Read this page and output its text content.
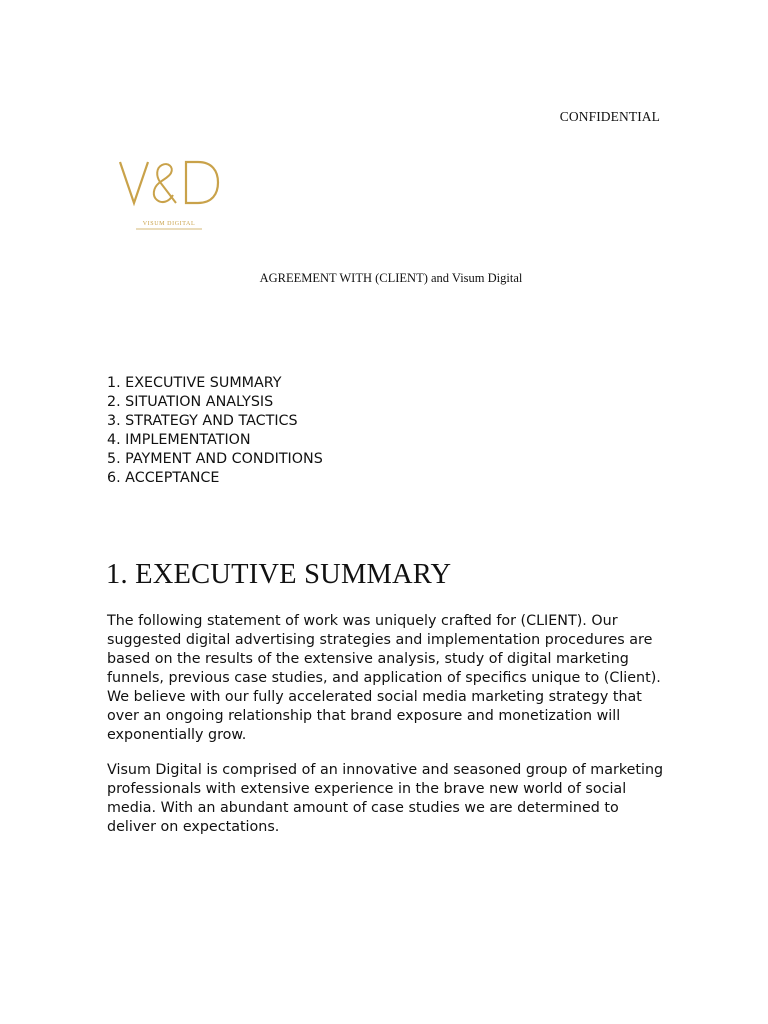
CONFIDENTIAL
VISUM DIGITAL
AGREEMENT WITH (CLIENT) and Visum Digital
1. EXECUTIVE SUMMARY
2. SITUATION ANALYSIS
3. STRATEGY AND TACTICS
4. IMPLEMENTATION
5. PAYMENT AND CONDITIONS
6. ACCEPTANCE
1. EXECUTIVE SUMMARY

The following statement of work was uniquely crafted for (CLIENT). Our suggested digital advertising strategies and implementation procedures are based on the results of the extensive analysis, study of digital marketing funnels, previous case studies, and application of specifics unique to (Client). We believe with our fully accelerated social media marketing strategy that over an ongoing relationship that brand exposure and monetization will exponentially grow.

Visum Digital is comprised of an innovative and seasoned group of marketing professionals with extensive experience in the brave new world of social media. With an abundant amount of case studies we are determined to deliver on expectations.
